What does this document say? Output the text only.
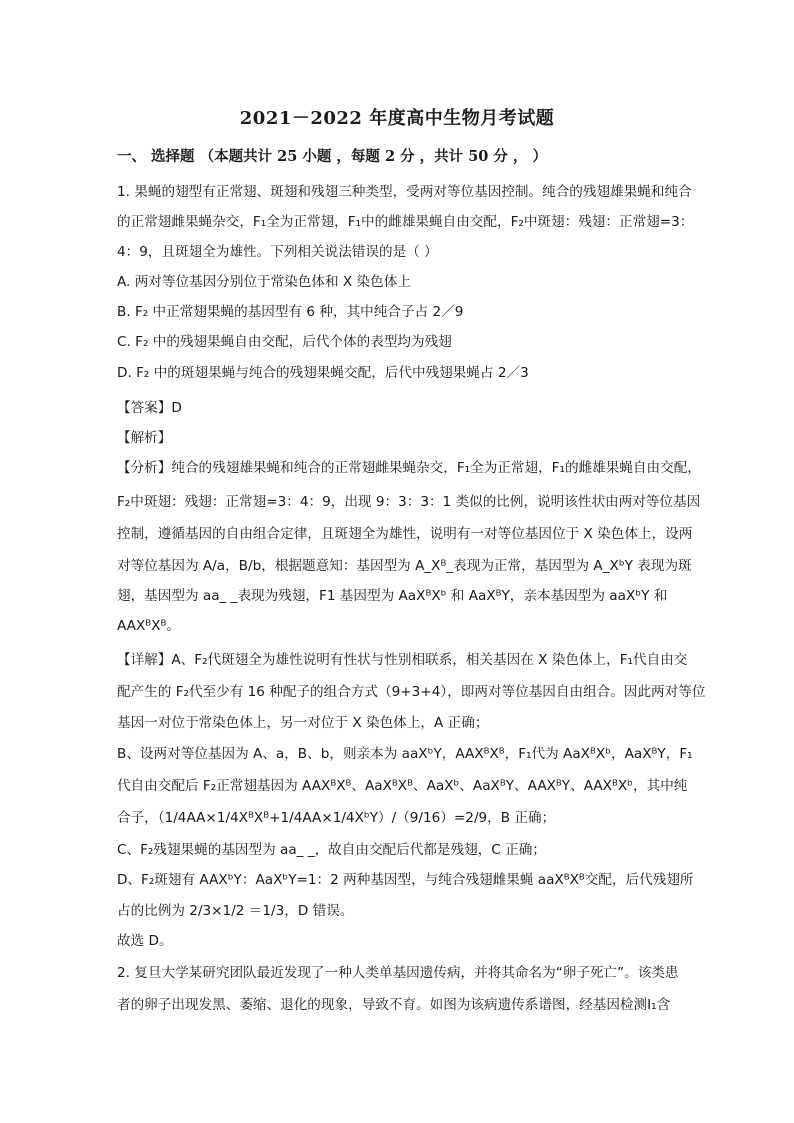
2021－2022 年度高中生物月考试题
一、 选择题 （本题共计 25 小题 ，每题 2 分 ，共计 50 分 ， ）
1. 果蝇的翅型有正常翅、斑翅和残翅三种类型，受两对等位基因控制。纯合的残翅雄果蝇和纯合
的正常翅雌果蝇杂交，F₁全为正常翅，F₁中的雌雄果蝇自由交配，F₂中斑翅：残翅：正常翅=3：
4：9，且斑翅全为雄性。下列相关说法错误的是（ ）
A. 两对等位基因分别位于常染色体和 X 染色体上
B. F₂ 中正常翅果蝇的基因型有 6 种，其中纯合子占 2／9
C. F₂ 中的残翅果蝇自由交配，后代个体的表型均为残翅
D. F₂ 中的斑翅果蝇与纯合的残翅果蝇交配，后代中残翅果蝇占 2／3
【答案】D
【解析】
【分析】纯合的残翅雄果蝇和纯合的正常翅雌果蝇杂交，F₁全为正常翅，F₁的雌雄果蝇自由交配，
F₂中斑翅：残翅：正常翅=3：4：9，出现 9：3：3：1 类似的比例，说明该性状由两对等位基因
控制，遵循基因的自由组合定律，且斑翅全为雄性，说明有一对等位基因位于 X 染色体上，设两
对等位基因为 A/a，B/b，根据题意知：基因型为 A_Xᴮ_表现为正常，基因型为 A_XᵇY 表现为斑
翅，基因型为 aa_ _表现为残翅，F1 基因型为 AaXᴮXᵇ 和 AaXᴮY，亲本基因型为 aaXᵇY 和
AAXᴮXᴮ。
【详解】A、F₂代斑翅全为雄性说明有性状与性别相联系，相关基因在 X 染色体上，F₁代自由交
配产生的 F₂代至少有 16 种配子的组合方式（9+3+4），即两对等位基因自由组合。因此两对等位
基因一对位于常染色体上，另一对位于 X 染色体上，A 正确；
B、设两对等位基因为 A、a，B、b，则亲本为 aaXᵇY，AAXᴮXᴮ，F₁代为 AaXᴮXᵇ，AaXᴮY，F₁
代自由交配后 F₂正常翅基因为 AAXᴮXᴮ、AaXᴮXᴮ、AaXᵇ、AaXᴮY、AAXᴮY、AAXᴮXᵇ，其中纯
合子，（1/4AA×1/4XᴮXᴮ+1/4AA×1/4XᵇY）/（9/16）=2/9，B 正确；
C、F₂残翅果蝇的基因型为 aa_ _，故自由交配后代都是残翅，C 正确；
D、F₂斑翅有 AAXᵇY：AaXᵇY=1：2 两种基因型，与纯合残翅雌果蝇 aaXᴮXᴮ交配，后代残翅所
占的比例为 2/3×1/2 ＝1/3，D 错误。
故选 D。
2. 复旦大学某研究团队最近发现了一种人类单基因遗传病，并将其命名为“卵子死亡”。该类患
者的卵子出现发黑、萎缩、退化的现象，导致不育。如图为该病遗传系谱图，经基因检测Ⅰ₁含
